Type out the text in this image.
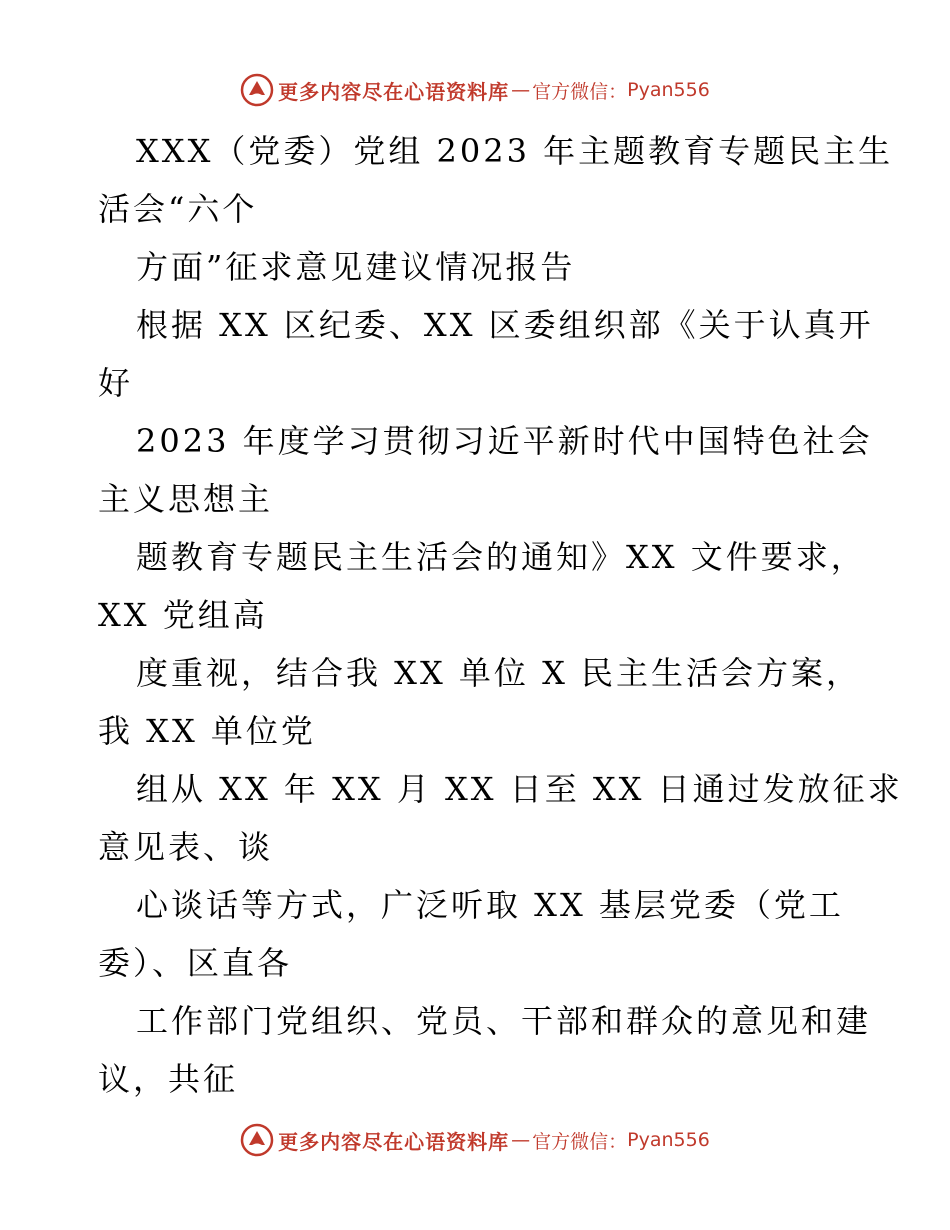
更多内容尽在心语资料库 — 官方微信： Pyan556
XXX（党委）党组 2023 年主题教育专题民主生
活会“六个
方面”征求意见建议情况报告
根据 XX 区纪委、XX 区委组织部《关于认真开
好
2023 年度学习贯彻习近平新时代中国特色社会
主义思想主
题教育专题民主生活会的通知》XX 文件要求，
XX 党组高
度重视，结合我 XX 单位 X 民主生活会方案，
我 XX 单位党
组从 XX 年 XX 月 XX 日至 XX 日通过发放征求
意见表、谈
心谈话等方式，广泛听取 XX 基层党委（党工
委）、区直各
工作部门党组织、党员、干部和群众的意见和建
议，共征
更多内容尽在心语资料库 — 官方微信： Pyan556
